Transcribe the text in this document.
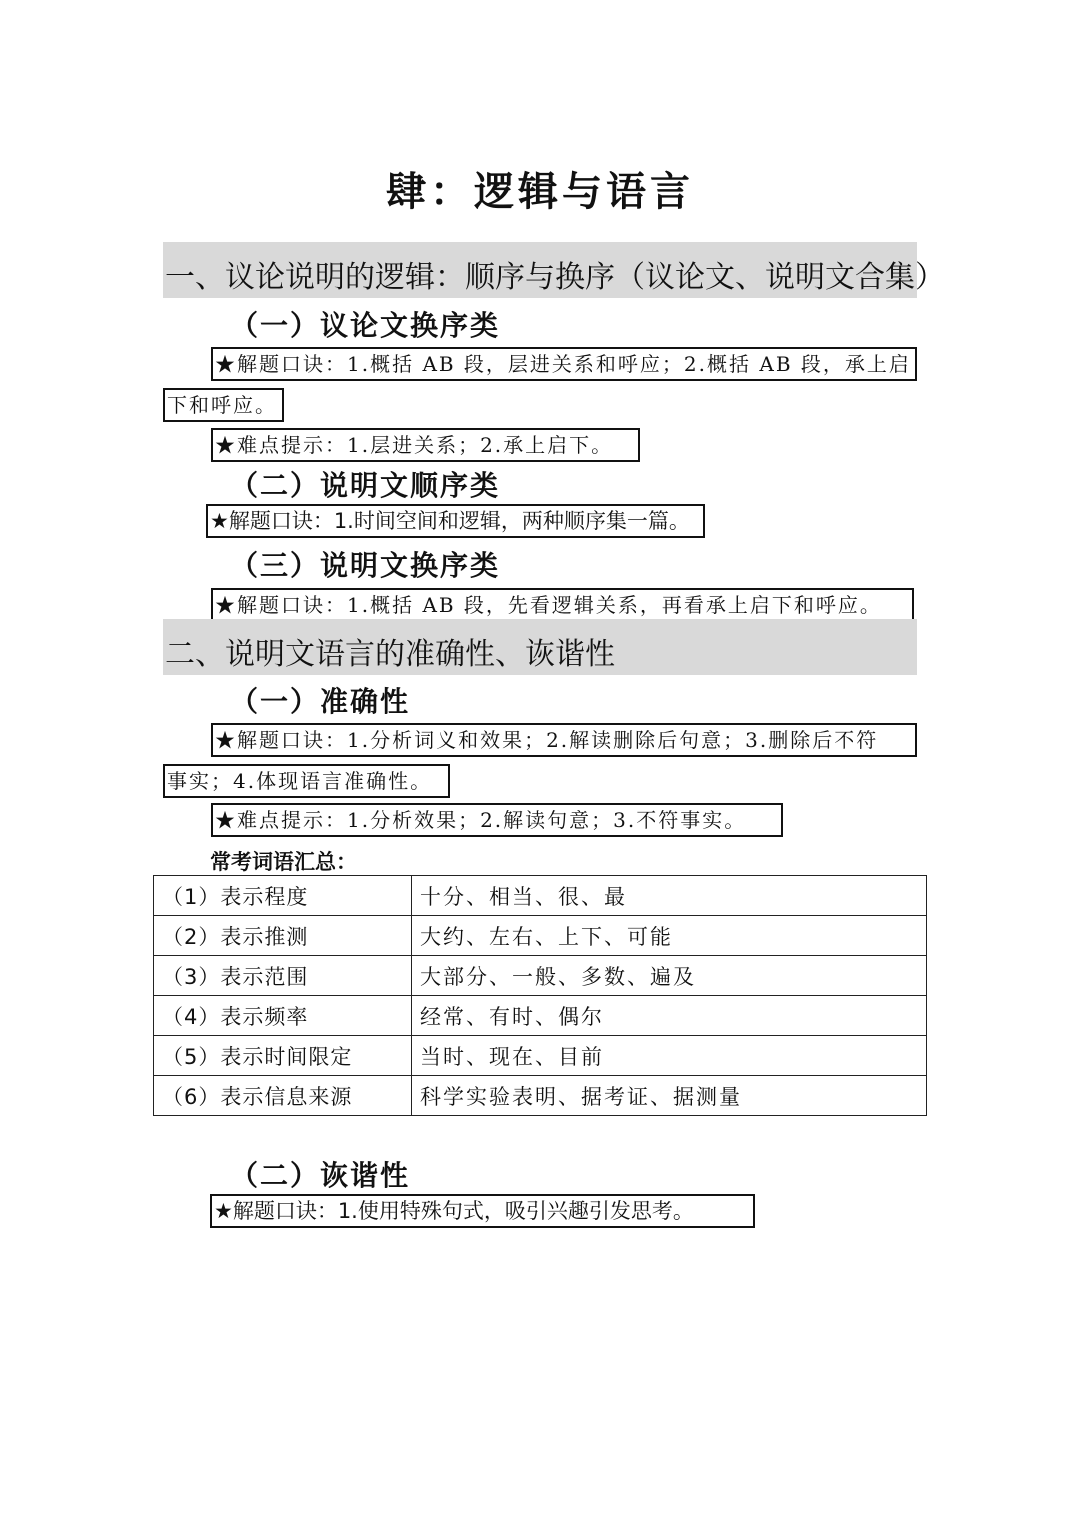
肆：逻辑与语言
一、议论说明的逻辑：顺序与换序（议论文、说明文合集）
（一）议论文换序类
★解题口诀：1.概括 AB 段，层进关系和呼应；2.概括 AB 段，承上启
下和呼应。
★难点提示：1.层进关系；2.承上启下。
（二）说明文顺序类
★解题口诀：1.时间空间和逻辑，两种顺序集一篇。
（三）说明文换序类
★解题口诀：1.概括 AB 段，先看逻辑关系，再看承上启下和呼应。
二、说明文语言的准确性、诙谐性
（一）准确性
★解题口诀：1.分析词义和效果；2.解读删除后句意；3.删除后不符
事实；4.体现语言准确性。
★难点提示：1.分析效果；2.解读句意；3.不符事实。
常考词语汇总：
（1）表示程度	十分、相当、很、最
（2）表示推测	大约、左右、上下、可能
（3）表示范围	大部分、一般、多数、遍及
（4）表示频率	经常、有时、偶尔
（5）表示时间限定	当时、现在、目前
（6）表示信息来源	科学实验表明、据考证、据测量
（二）诙谐性
★解题口诀：1.使用特殊句式，吸引兴趣引发思考。
